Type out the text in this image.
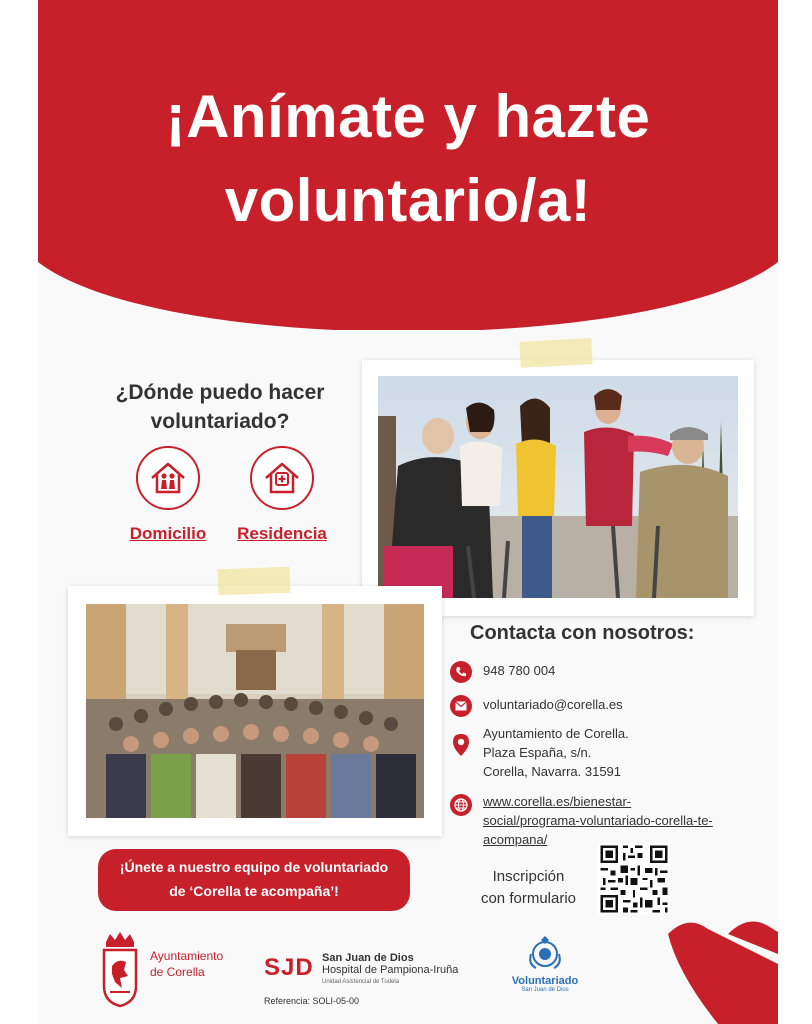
¡Anímate y hazte
voluntario/a!
¿Dónde puedo hacer
voluntariado?
Domicilio	Residencia
Contacta con nosotros:
948 780 004
voluntariado@corella.es
Ayuntamiento de Corella.
Plaza España, s/n.
Corella, Navarra. 31591
www.corella.es/bienestar-
social/programa-voluntariado-corella-te-
acompana/
¡Únete a nuestro equipo de voluntariado
de ‘Corella te acompaña’!
Inscripción
con formulario
Ayuntamiento
de Corella	SJD San Juan de Dios
Hospital de Pampiona-Iruña
Unidad Asistencial de Tudela
Referencia: SOLI-05-00
Voluntariado
San Juan de Dios
